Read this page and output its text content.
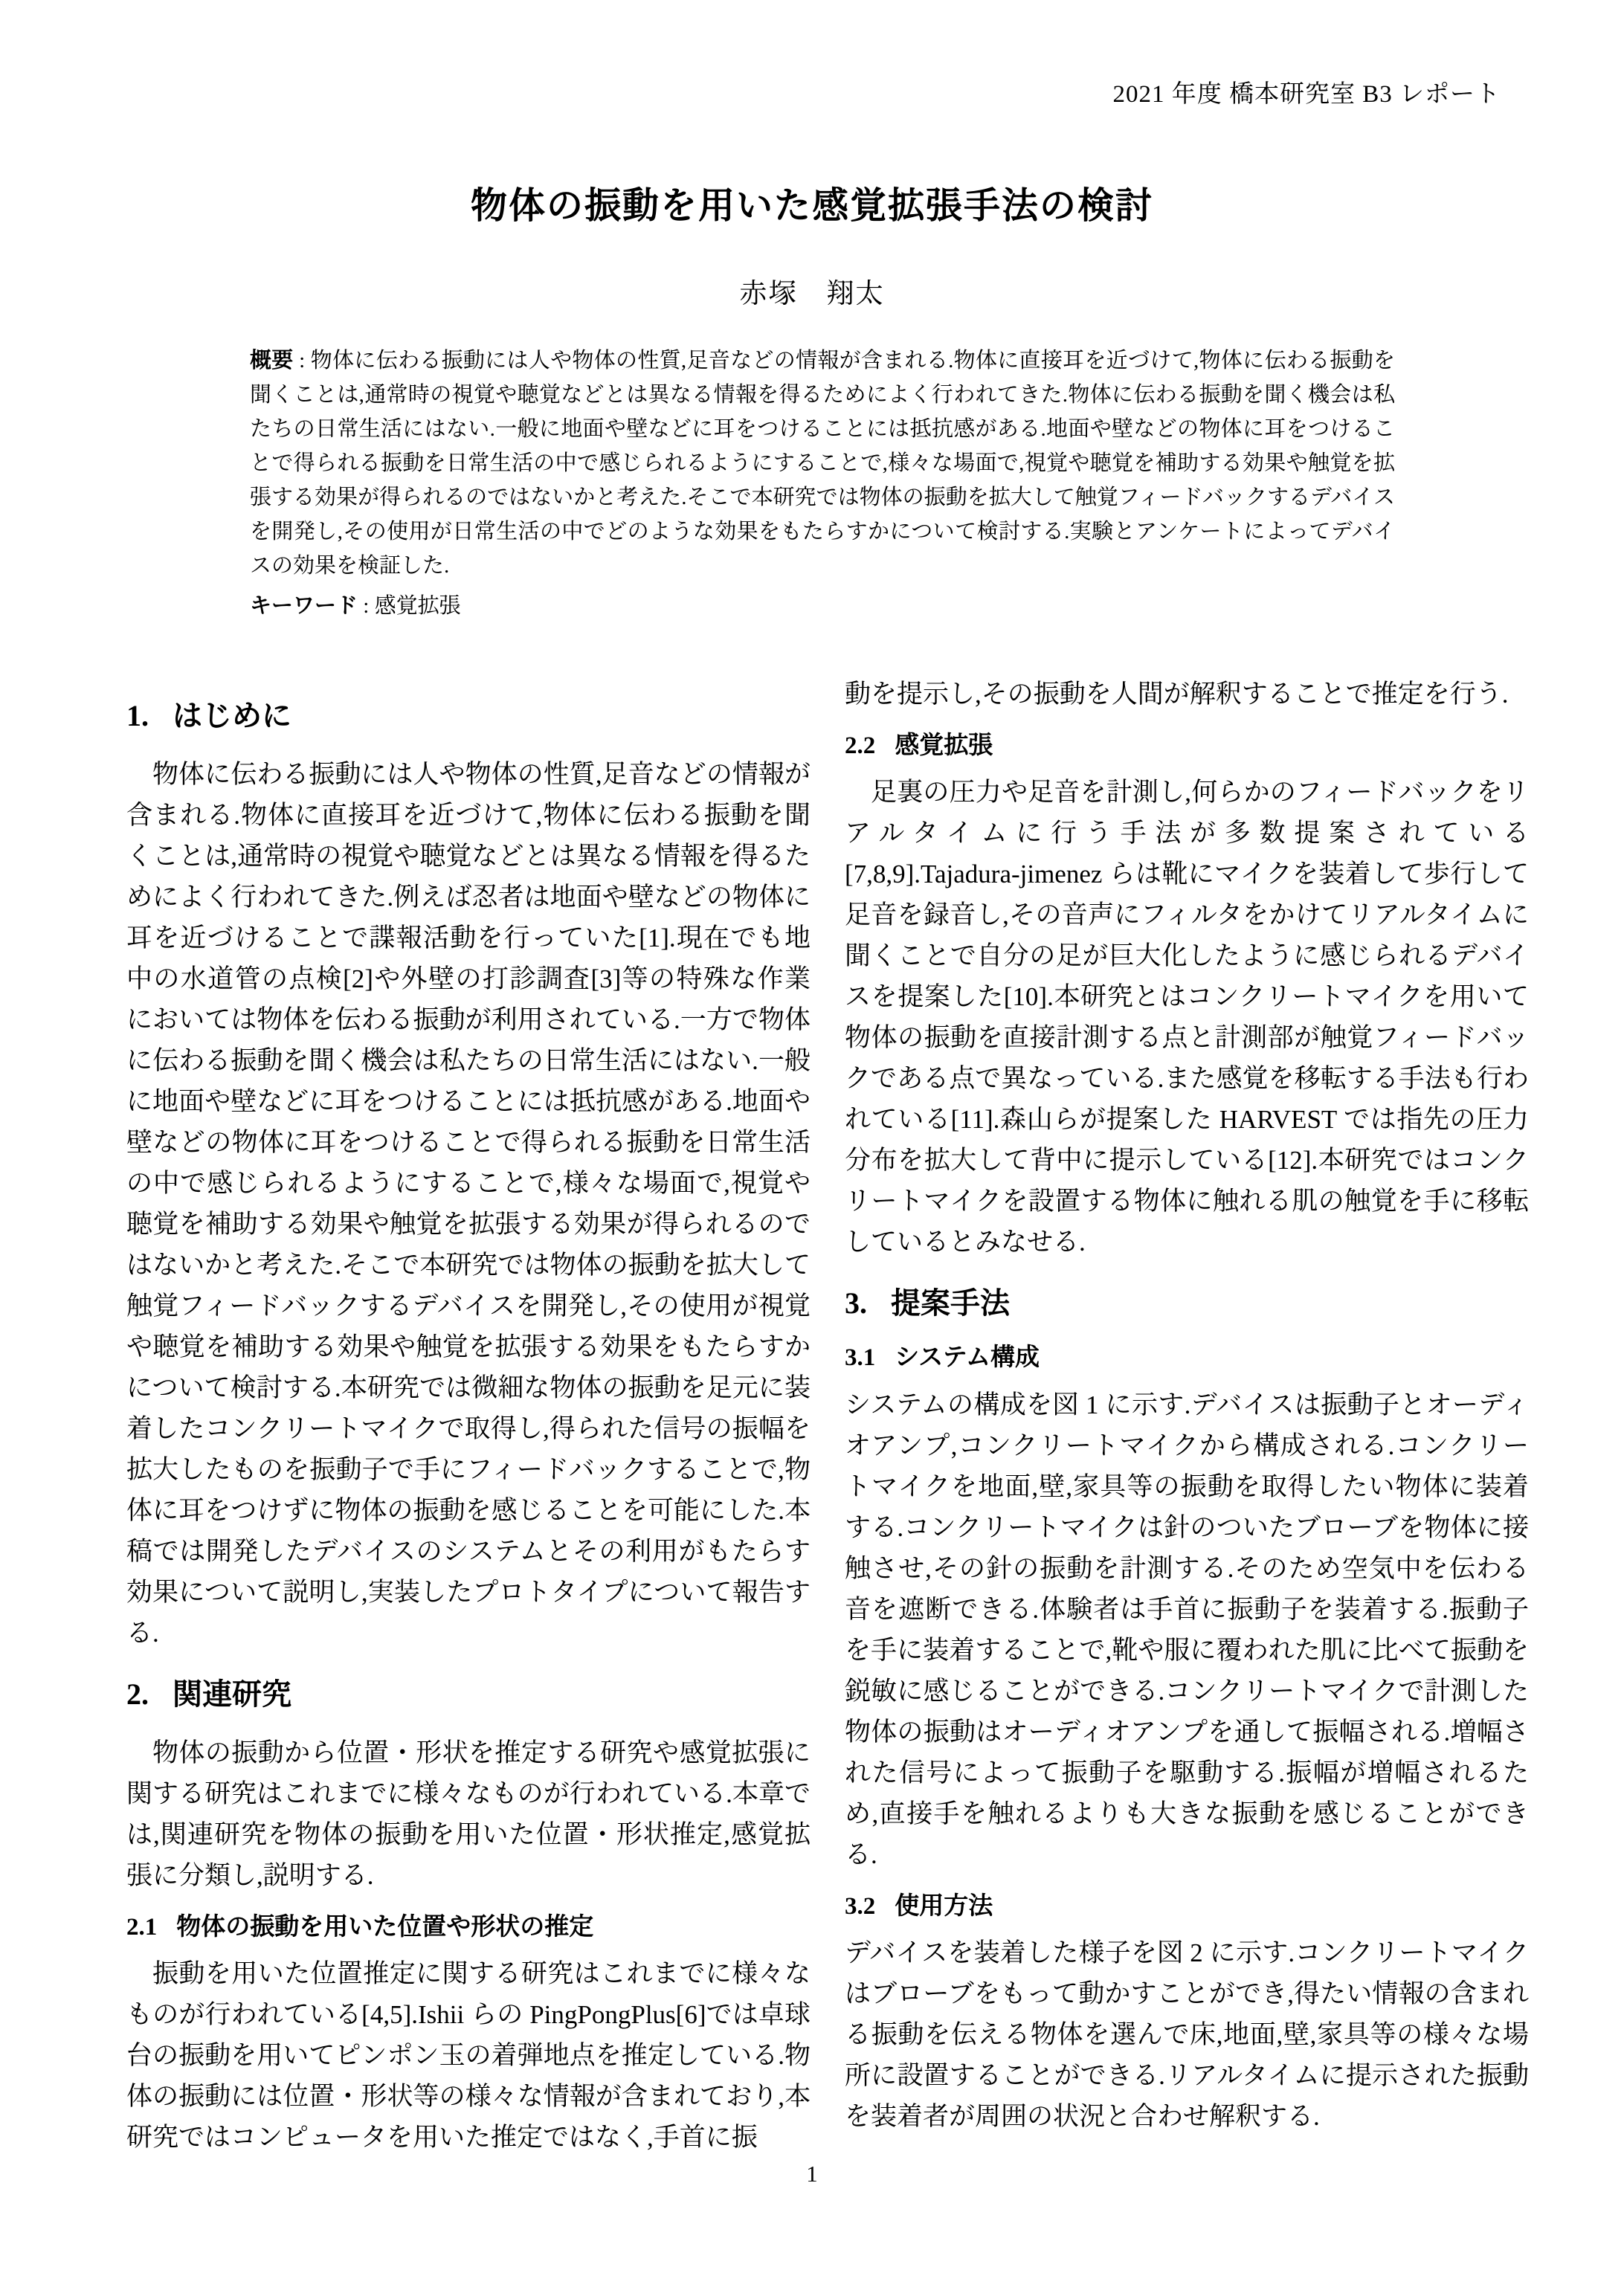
2021 年度 橋本研究室 B3 レポート
物体の振動を用いた感覚拡張手法の検討
赤塚　翔太
概要 : 物体に伝わる振動には人や物体の性質,足音などの情報が含まれる.物体に直接耳を近づけて,物体に伝わる振動を聞くことは,通常時の視覚や聴覚などとは異なる情報を得るためによく行われてきた.物体に伝わる振動を聞く機会は私たちの日常生活にはない.一般に地面や壁などに耳をつけることには抵抗感がある.地面や壁などの物体に耳をつけることで得られる振動を日常生活の中で感じられるようにすることで,様々な場面で,視覚や聴覚を補助する効果や触覚を拡張する効果が得られるのではないかと考えた.そこで本研究では物体の振動を拡大して触覚フィードバックするデバイスを開発し,その使用が日常生活の中でどのような効果をもたらすかについて検討する.実験とアンケートによってデバイスの効果を検証した.
キーワード : 感覚拡張
1. はじめに

物体に伝わる振動には人や物体の性質,足音などの情報が含まれる.物体に直接耳を近づけて,物体に伝わる振動を聞くことは,通常時の視覚や聴覚などとは異なる情報を得るためによく行われてきた.例えば忍者は地面や壁などの物体に耳を近づけることで諜報活動を行っていた[1].現在でも地中の水道管の点検[2]や外壁の打診調査[3]等の特殊な作業においては物体を伝わる振動が利用されている.一方で物体に伝わる振動を聞く機会は私たちの日常生活にはない.一般に地面や壁などに耳をつけることには抵抗感がある.地面や壁などの物体に耳をつけることで得られる振動を日常生活の中で感じられるようにすることで,様々な場面で,視覚や聴覚を補助する効果や触覚を拡張する効果が得られるのではないかと考えた.そこで本研究では物体の振動を拡大して触覚フィードバックするデバイスを開発し,その使用が視覚や聴覚を補助する効果や触覚を拡張する効果をもたらすかについて検討する.本研究では微細な物体の振動を足元に装着したコンクリートマイクで取得し,得られた信号の振幅を拡大したものを振動子で手にフィードバックすることで,物体に耳をつけずに物体の振動を感じることを可能にした.本稿では開発したデバイスのシステムとその利用がもたらす効果について説明し,実装したプロトタイプについて報告する.

2. 関連研究

物体の振動から位置・形状を推定する研究や感覚拡張に関する研究はこれまでに様々なものが行われている.本章では,関連研究を物体の振動を用いた位置・形状推定,感覚拡張に分類し,説明する.

2.1 物体の振動を用いた位置や形状の推定

振動を用いた位置推定に関する研究はこれまでに様々なものが行われている[4,5].Ishii らの PingPongPlus[6]では卓球台の振動を用いてピンポン玉の着弾地点を推定している.物体の振動には位置・形状等の様々な情報が含まれており,本研究ではコンピュータを用いた推定ではなく,手首に振

動を提示し,その振動を人間が解釈することで推定を行う.

2.2 感覚拡張

足裏の圧力や足音を計測し,何らかのフィードバックをリアルタイムに行う手法が多数提案されている[7,8,9].Tajadura-jimenez らは靴にマイクを装着して歩行して足音を録音し,その音声にフィルタをかけてリアルタイムに聞くことで自分の足が巨大化したように感じられるデバイスを提案した[10].本研究とはコンクリートマイクを用いて物体の振動を直接計測する点と計測部が触覚フィードバックである点で異なっている.また感覚を移転する手法も行われている[11].森山らが提案した HARVEST では指先の圧力分布を拡大して背中に提示している[12].本研究ではコンクリートマイクを設置する物体に触れる肌の触覚を手に移転しているとみなせる.

3. 提案手法
3.1 システム構成

システムの構成を図 1 に示す.デバイスは振動子とオーディオアンプ,コンクリートマイクから構成される.コンクリートマイクを地面,壁,家具等の振動を取得したい物体に装着する.コンクリートマイクは針のついたブローブを物体に接触させ,その針の振動を計測する.そのため空気中を伝わる音を遮断できる.体験者は手首に振動子を装着する.振動子を手に装着することで,靴や服に覆われた肌に比べて振動を鋭敏に感じることができる.コンクリートマイクで計測した物体の振動はオーディオアンプを通して振幅される.増幅された信号によって振動子を駆動する.振幅が増幅されるため,直接手を触れるよりも大きな振動を感じることができる.

3.2 使用方法

デバイスを装着した様子を図 2 に示す.コンクリートマイクはブローブをもって動かすことができ,得たい情報の含まれる振動を伝える物体を選んで床,地面,壁,家具等の様々な場所に設置することができる.リアルタイムに提示された振動を装着者が周囲の状況と合わせ解釈する.

1
